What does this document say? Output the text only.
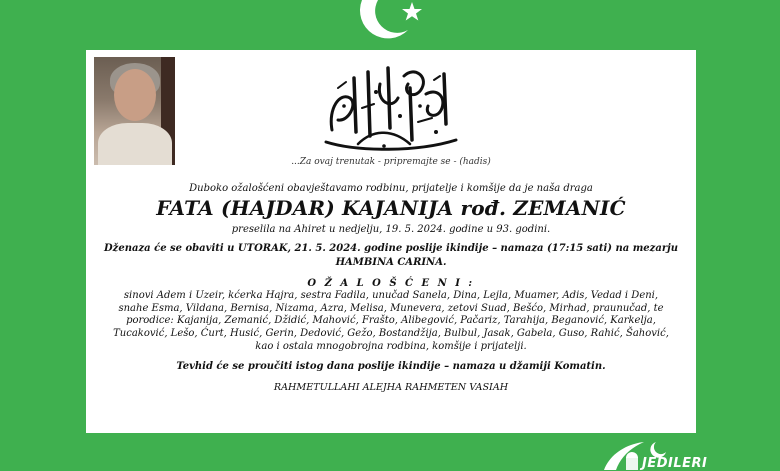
...Za ovaj trenutak - pripremajte se - (hadis)
Duboko ožalošćeni obavještavamo rodbinu, prijatelje i komšije da je naša draga
FATA (HAJDAR) KAJANIJA rođ. ZEMANIĆ
preselila na Ahiret u nedjelju, 19. 5. 2024. godine u 93. godini.
Dženaza će se obaviti u UTORAK, 21. 5. 2024. godine poslije ikindije – namaza (17:15 sati) na mezarju
HAMBINA CARINA.
O Ž A L O Š Ć E N I :
sinovi Adem i Uzeir, kćerka Hajra, sestra Fadila, unučad Sanela, Dina, Lejla, Muamer, Adis, Vedad i Deni,
snahe Esma, Vildana, Bernisa, Nizama, Azra, Melisa, Munevera, zetovi Suad, Bešćo, Mirhad, praunučad, te
porodice: Kajanija, Zemanić, Džidić, Mahović, Frašto, Alibegović, Pačariz, Tarahija, Beganović, Karkelja,
Tucaković, Lešo, Ćurt, Husić, Gerin, Dedović, Gežo, Bostandžija, Bulbul, Jasak, Gabela, Guso, Rahić, Šahović,
kao i ostala mnogobrojna rodbina, komšije i prijatelji.
Tevhid će se proučiti istog dana poslije ikindije – namaza u džamiji Komatin.
RAHMETULLAHI ALEJHA RAHMETEN VASIAH
JEDILERI
